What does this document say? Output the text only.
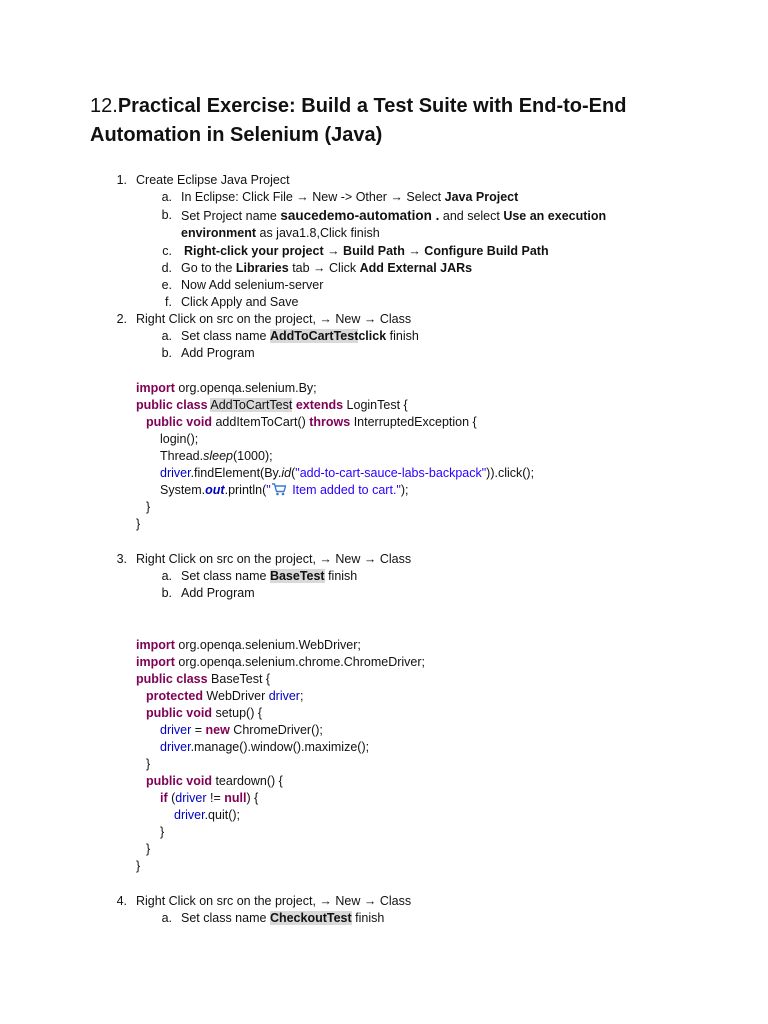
12.Practical Exercise: Build a Test Suite with End-to-End Automation in Selenium (Java)
1. Create Eclipse Java Project
a. In Eclipse: Click File → New -> Other → Select Java Project
b. Set Project name saucedemo-automation . and select Use an execution
environment as java1.8,Click finish
c. Right-click your project → Build Path → Configure Build Path
d. Go to the Libraries tab → Click Add External JARs
e. Now Add selenium-server
f. Click Apply and Save
2. Right Click on src on the project, → New → Class
a. Set class name AddToCartTestclick finish
b. Add Program
import org.openqa.selenium.By;
public class AddToCartTest extends LoginTest {
public void addItemToCart() throws InterruptedException {
login();
Thread.sleep(1000);
driver.findElement(By.id("add-to-cart-sauce-labs-backpack")).click();
System.out.println(" Item added to cart.");
}
}
3. Right Click on src on the project, → New → Class
a. Set class name BaseTest finish
b. Add Program
import org.openqa.selenium.WebDriver;
import org.openqa.selenium.chrome.ChromeDriver;
public class BaseTest {
protected WebDriver driver;
public void setup() {
driver = new ChromeDriver();
driver.manage().window().maximize();
}
public void teardown() {
if (driver != null) {
driver.quit();
}
}
}
4. Right Click on src on the project, → New → Class
a. Set class name CheckoutTest finish
